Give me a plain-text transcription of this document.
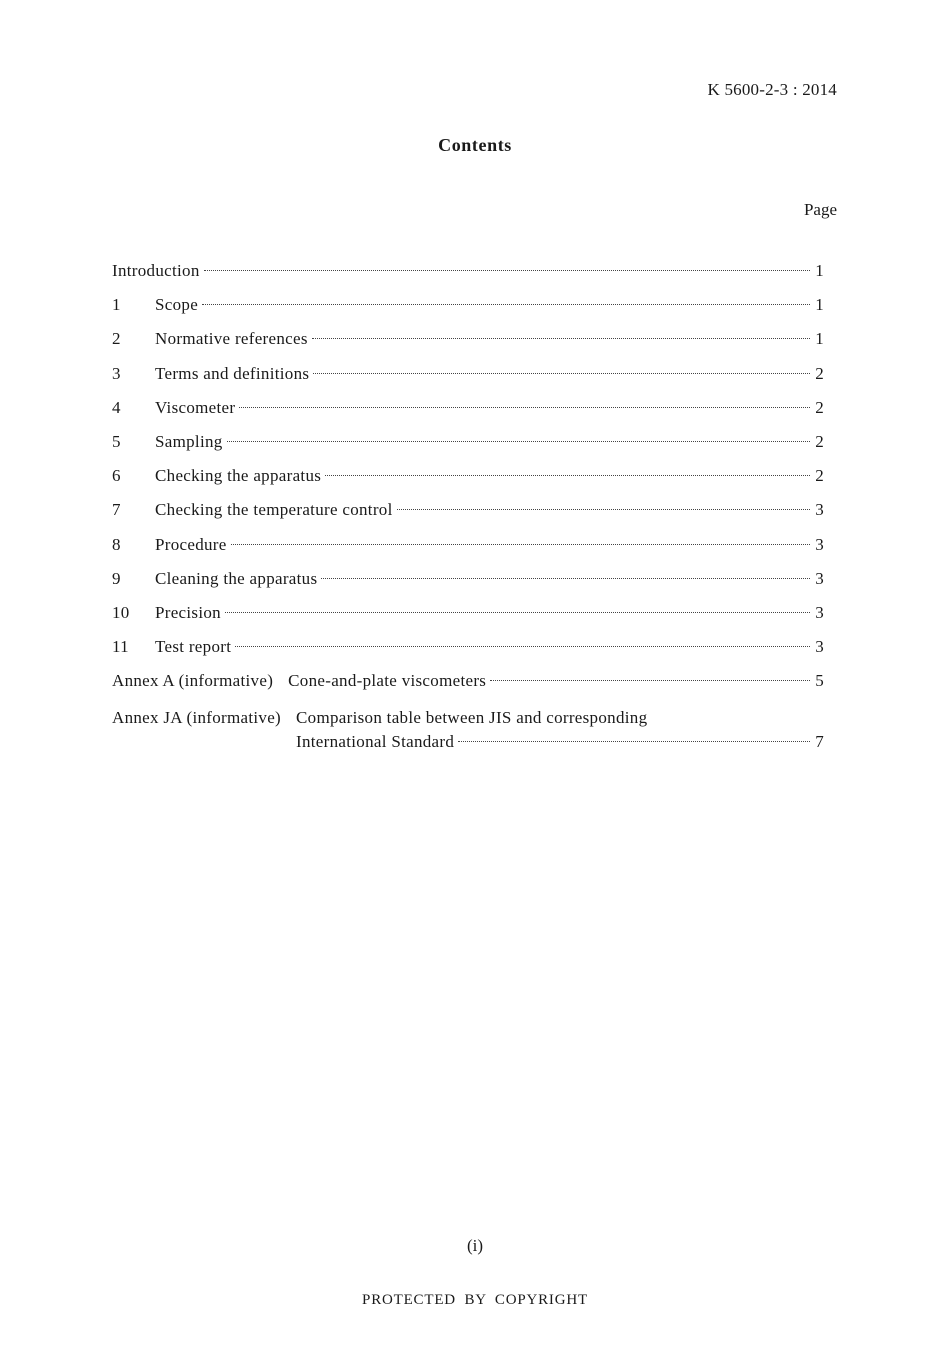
K 5600-2-3 : 2014
Contents
Page
Introduction	1
1	Scope	1
2	Normative references	1
3	Terms and definitions	2
4	Viscometer	2
5	Sampling	2
6	Checking the apparatus	2
7	Checking the temperature control	3
8	Procedure	3
9	Cleaning the apparatus	3
10	Precision	3
11	Test report	3
Annex A (informative) Cone-and-plate viscometers	5
Annex JA (informative) Comparison table between JIS and corresponding
International Standard	7
(i)
PROTECTED BY COPYRIGHT
